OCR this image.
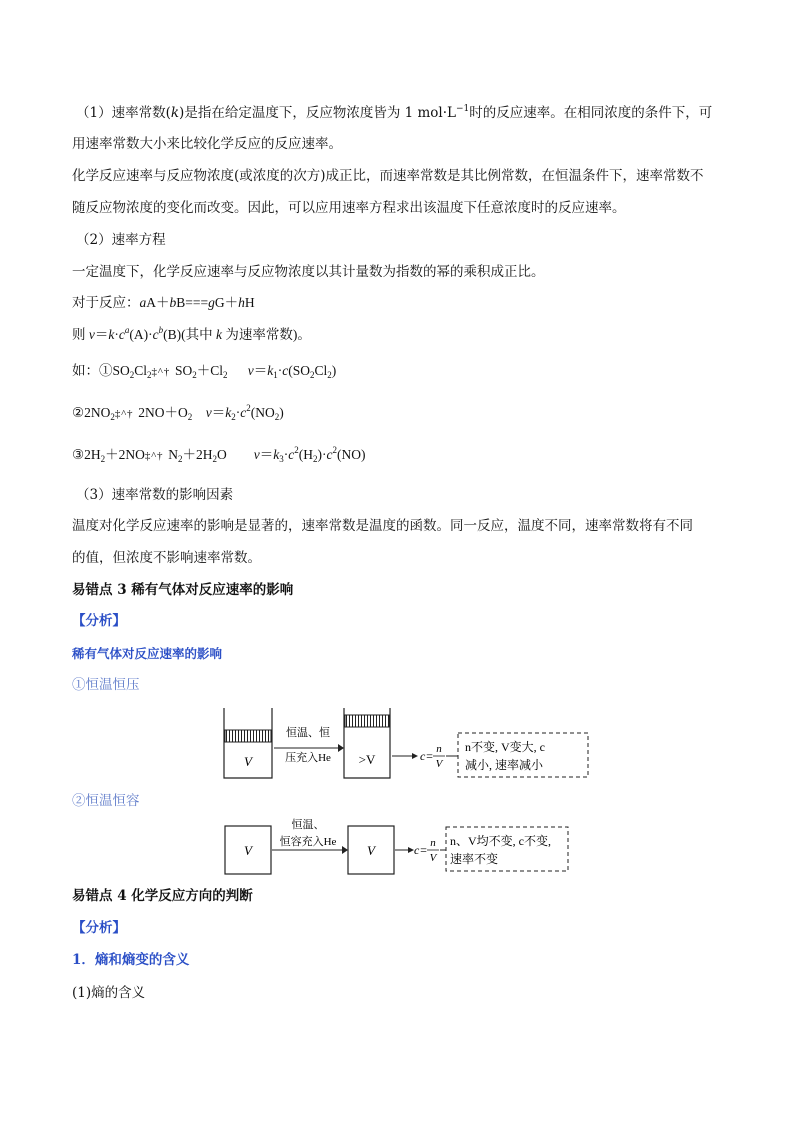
（1）速率常数(k)是指在给定温度下，反应物浓度皆为 1 $mol\cdot L^{-1}$时的反应速率。在相同浓度的条件下，可
用速率常数大小来比较化学反应的反应速率。
化学反应速率与反应物浓度(或浓度的次方)成正比，而速率常数是其比例常数，在恒温条件下，速率常数不
随反应物浓度的变化而改变。因此，可以应用速率方程求出该温度下任意浓度时的反应速率。
（2）速率方程
一定温度下，化学反应速率与反应物浓度以其计量数为指数的幂的乘积成正比。
对于反应：aA＋bB===gG＋hH
则 $v=k\cdot c^a(A)\cdot c^b(B)$(其中 k 为速率常数)。
如：$①SO_2Cl_2\ddagger$ ^ †  $SO_2+Cl_2$ $v=k_1\cdot c(SO_2Cl_2)$
$②2NO_2\ddagger$ ^ †  $2NO+O_2$ $v=k_2\cdot c^2(NO_2)$
$③2H_2+2NO\ddagger$ ^ †  $N_2+2H_2O$        $v=k_3\cdot c^2(H_2)\cdot c^2(NO)$
（3）速率常数的影响因素
温度对化学反应速率的影响是显著的，速率常数是温度的函数。同一反应，温度不同，速率常数将有不同
的值，但浓度不影响速率常数。
易错点 3 稀有气体对反应速率的影响
【分析】
稀有气体对反应速率的影响
①恒温恒压
V
恒温、恒
压充入He >V	c= n
V
n不变, V变大, c
减小, 速率减小
②恒温恒容
V
恒温、
恒容充入He
V	c= n
V
n、V均不变, c不变,
速率不变
易错点 4 化学反应方向的判断
【分析】
1．熵和熵变的含义
(1)熵的含义
